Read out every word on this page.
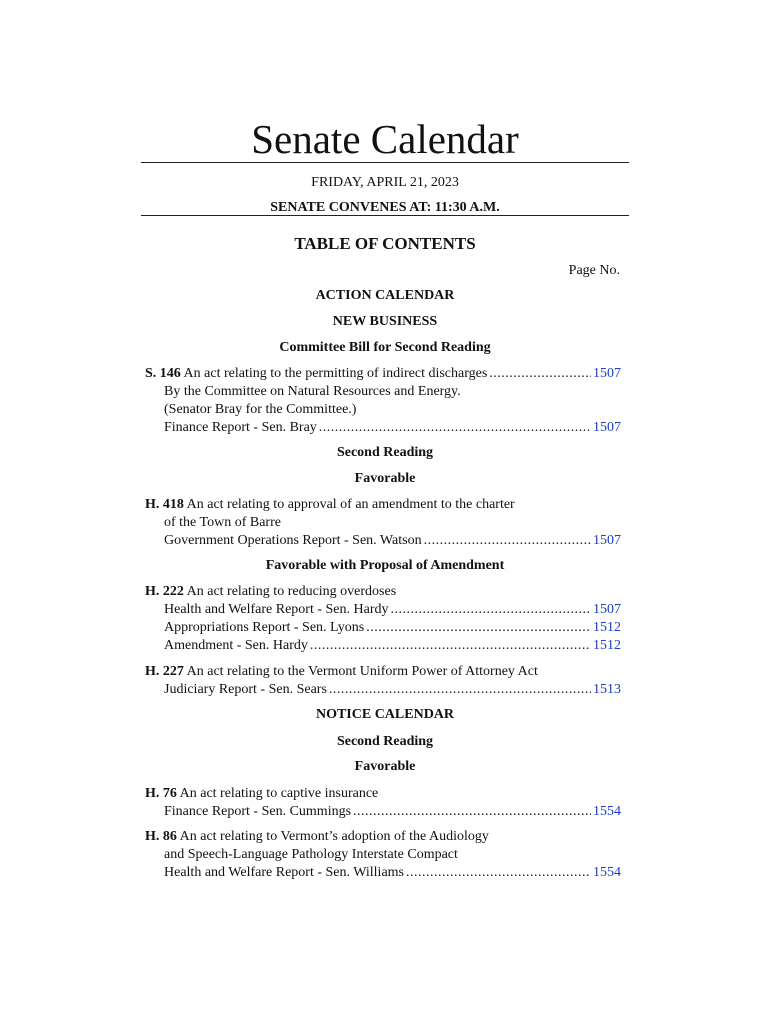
Senate Calendar
FRIDAY, APRIL 21, 2023
SENATE CONVENES AT: 11:30 A.M.
TABLE OF CONTENTS
Page No.
ACTION CALENDAR
NEW BUSINESS
Committee Bill for Second Reading
S. 146 An act relating to the permitting of indirect discharges . . .	1507
By the Committee on Natural Resources and Energy.
(Senator Bray for the Committee.)
Finance Report - Sen. Bray . . .	1507
Second Reading
Favorable
H. 418 An act relating to approval of an amendment to the charter
of the Town of Barre
Government Operations Report - Sen. Watson . . .	1507
Favorable with Proposal of Amendment
H. 222 An act relating to reducing overdoses
Health and Welfare Report - Sen. Hardy . . .	1507
Appropriations Report - Sen. Lyons . . .	1512
Amendment - Sen. Hardy . . .	1512
H. 227 An act relating to the Vermont Uniform Power of Attorney Act
Judiciary Report - Sen. Sears . . .	1513
NOTICE CALENDAR
Second Reading
Favorable
H. 76 An act relating to captive insurance
Finance Report - Sen. Cummings . . .	1554
H. 86 An act relating to Vermont’s adoption of the Audiology
and Speech-Language Pathology Interstate Compact
Health and Welfare Report - Sen. Williams . . .	1554
